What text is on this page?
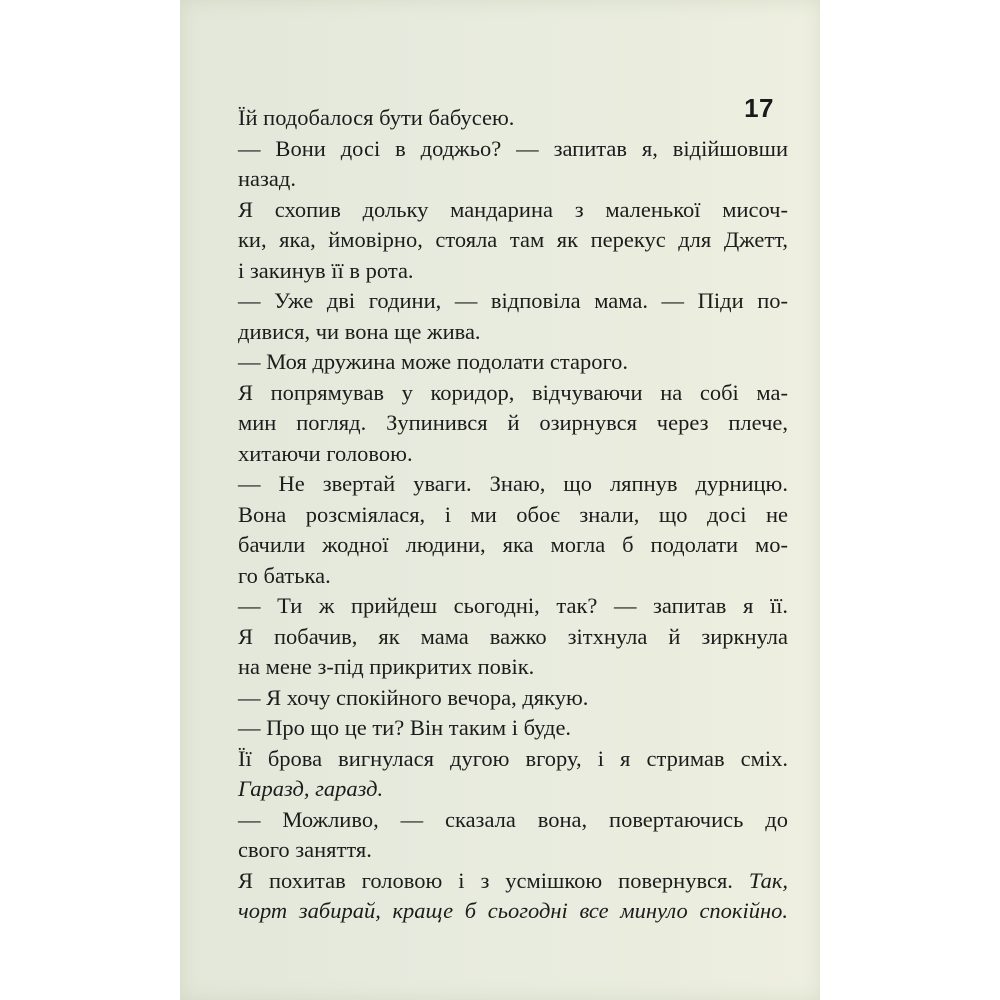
17
Їй подобалося бути бабусею.
— Вони досі в доджьо? — запитав я, відійшовши
назад.
Я схопив дольку мандарина з маленької мисоч-
ки, яка, ймовірно, стояла там як перекус для Джетт,
і закинув її в рота.
— Уже дві години, — відповіла мама. — Піди по-
дивися, чи вона ще жива.
— Моя дружина може подолати старого.
Я попрямував у коридор, відчуваючи на собі ма-
мин погляд. Зупинився й озирнувся через плече,
хитаючи головою.
— Не звертай уваги. Знаю, що ляпнув дурницю.
Вона розсміялася, і ми обоє знали, що досі не
бачили жодної людини, яка могла б подолати мо-
го батька.
— Ти ж прийдеш сьогодні, так? — запитав я її.
Я побачив, як мама важко зітхнула й зиркнула
на мене з-під прикритих повік.
— Я хочу спокійного вечора, дякую.
— Про що це ти? Він таким і буде.
Її брова вигнулася дугою вгору, і я стримав сміх.
Гаразд, гаразд.
— Можливо, — сказала вона, повертаючись до
свого заняття.
Я похитав головою і з усмішкою повернувся. Так,
чорт забирай, краще б сьогодні все минуло спокійно.
